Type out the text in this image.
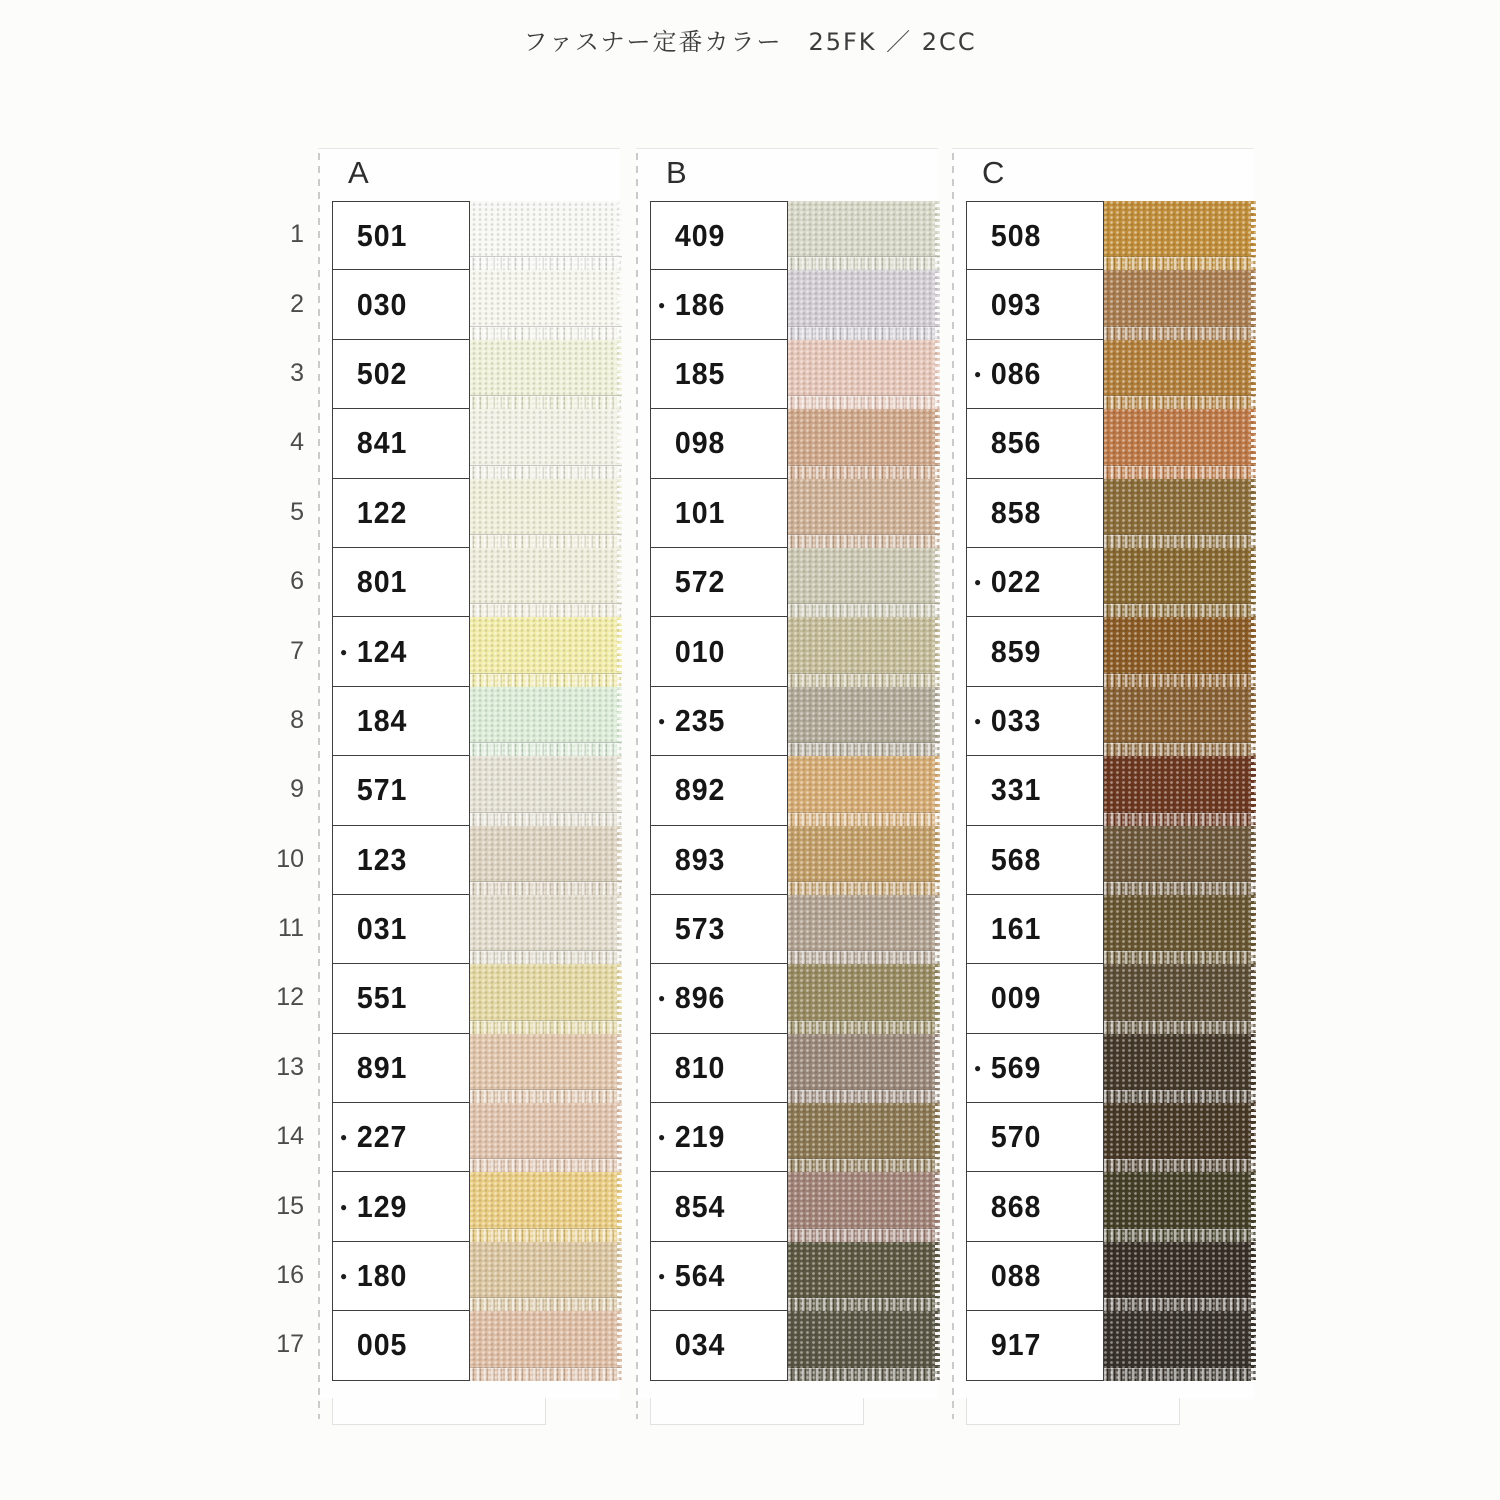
ファスナー定番カラー　25FK ／ 2CC
1
2
3
4
5
6
7
8
9
10
11
12
13
14
15
16
17
A
501
030
502
841
122
801
● 124
184
571
123
031
551
891
● 227
● 129
● 180
005
B
409
● 186
185
098
101
572
010
● 235
892
893
573
● 896
810
● 219
854
● 564
034
C
508
093
● 086
856
858
● 022
859
● 033
331
568
161
009
● 569
570
868
088
917
